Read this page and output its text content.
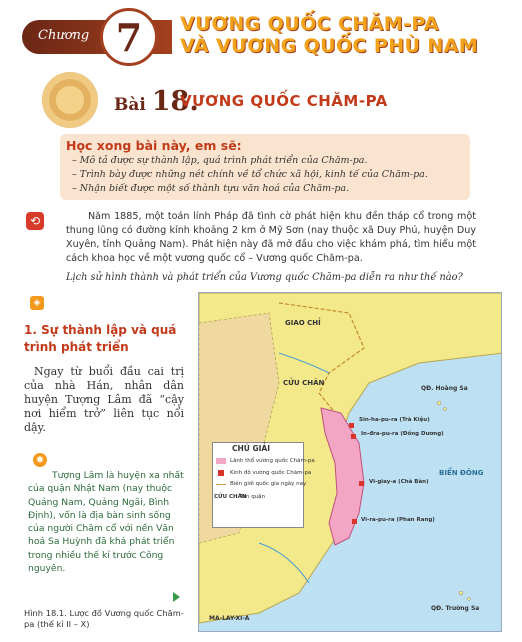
Chương 7	VƯƠNG QUỐC CHĂM-PA
VÀ VƯƠNG QUỐC PHÙ NAM
Bài 18.
VƯƠNG QUỐC CHĂM-PA
Học xong bài này, em sẽ:
– Mô tả được sự thành lập, quá trình phát triển của Chăm-pa.
– Trình bày được những nét chính về tổ chức xã hội, kinh tế của Chăm-pa.
– Nhận biết được một số thành tựu văn hoá của Chăm-pa.
⟲	Năm 1885, một toán lính Pháp đã tình cờ phát hiện khu đền tháp cổ trong một thung lũng có đường kính khoảng 2 km ở Mỹ Sơn (nay thuộc xã Duy Phú, huyện Duy Xuyên, tỉnh Quảng Nam). Phát hiện này đã mở đầu cho việc khám phá, tìm hiểu một cách khoa học về một vương quốc cổ – Vương quốc Chăm-pa.
Lịch sử hình thành và phát triển của Vương quốc Chăm-pa diễn ra như thế nào?
◈
1. Sự thành lập và quá trình phát triển
Ngay từ buổi đầu cai trị của nhà Hán, nhân dân huyện Tượng Lâm đã “cậy nơi hiểm trở” liên tục nổi dậy.
✸
Tượng Lâm là huyện xa nhất của quận Nhật Nam (nay thuộc Quảng Nam, Quảng Ngãi, Bình Định), vốn là địa bàn sinh sống của người Chăm cổ với nền Văn hoá Sa Huỳnh đã khá phát triển trong nhiều thế kỉ trước Công nguyên.
Hình 18.1. Lược đồ Vương quốc Chăm-pa (thế kỉ II – X)
GIAO CHỈ
CỬU CHÂN
BIỂN ĐÔNG
QĐ. Hoàng Sa
QĐ. Trường Sa
MA-LAY-XI-A
Sin-ha-pu-ra (Trà Kiệu)
In-đra-pu-ra (Đồng Dương)
Vi-giay-a (Chà Bàn)
Vi-ra-pu-ra (Phan Rang)
CHÚ GIẢI
Lãnh thổ vương quốc Chăm-pa
Kinh đô vương quốc Chăm-pa
Biên giới quốc gia ngày nay
CỬU CHÂN
Tên quận
